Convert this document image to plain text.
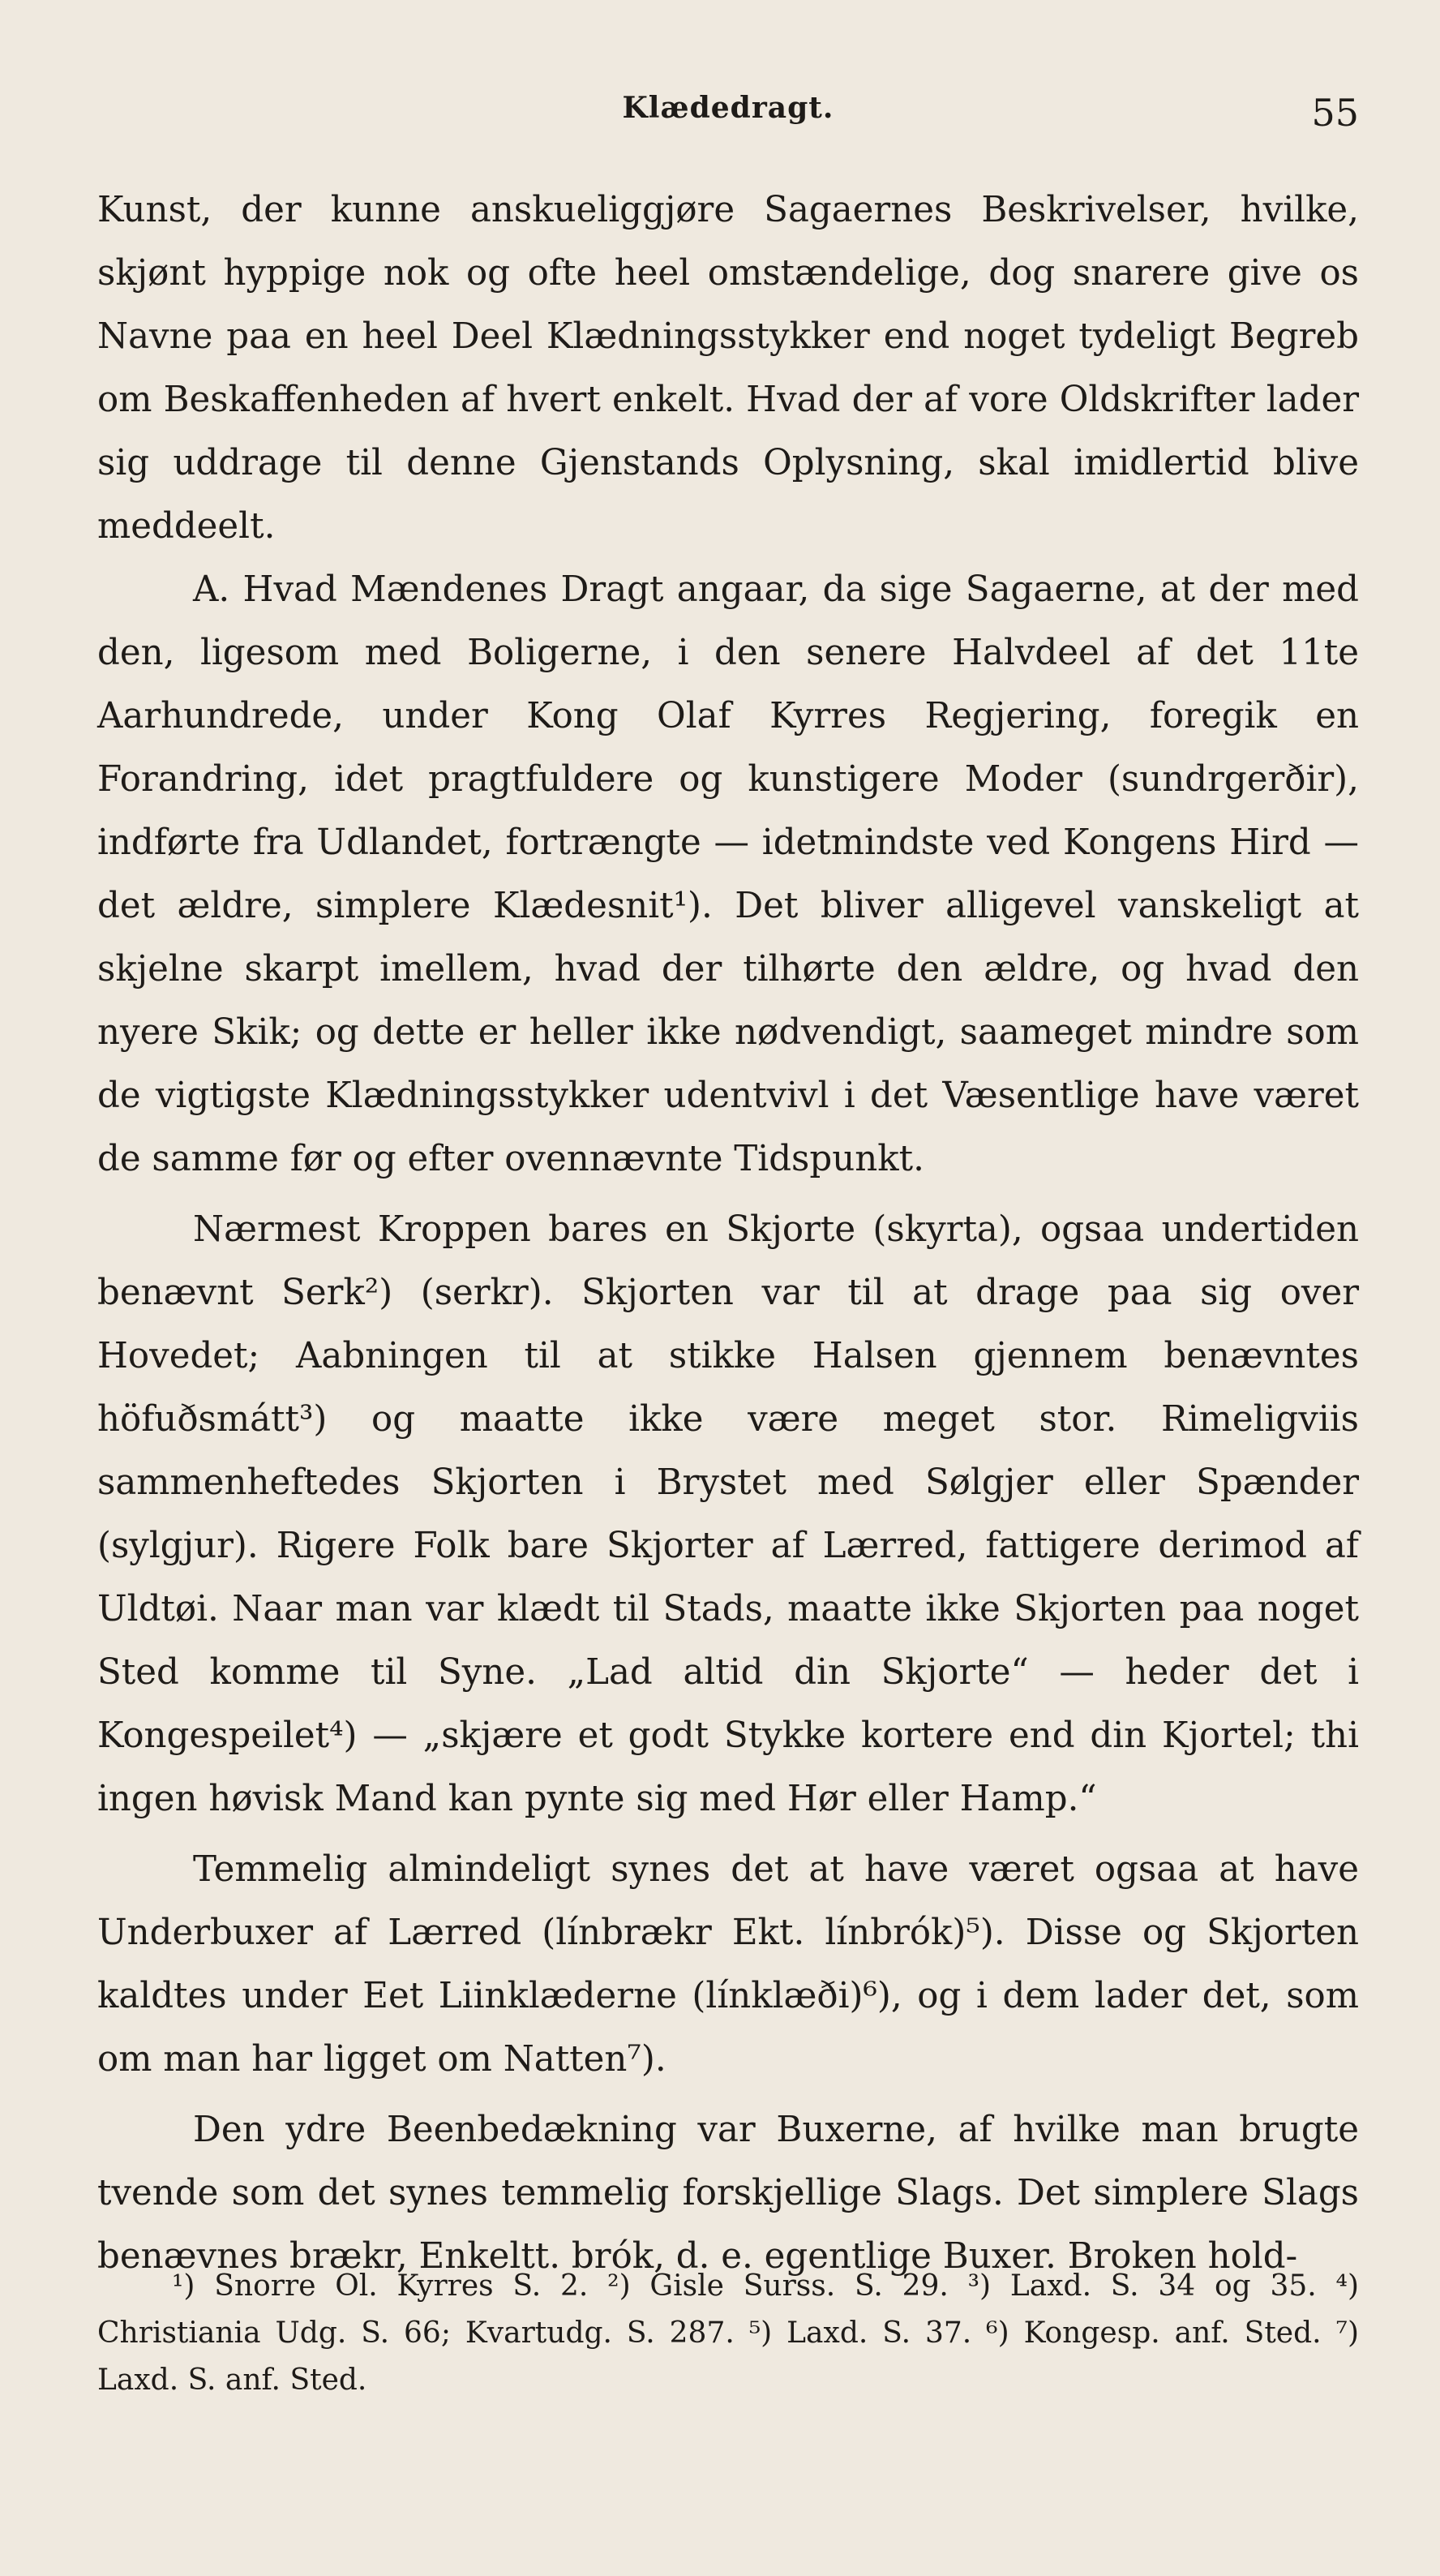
Klædedragt.	55

Kunst, der kunne anskueliggjøre Sagaernes Beskrivelser, hvilke, skjønt hyppige nok og ofte heel omstændelige, dog snarere give os Navne paa en heel Deel Klædningsstykker end noget tydeligt Begreb om Beskaffenheden af hvert enkelt. Hvad der af vore Oldskrifter lader sig uddrage til denne Gjenstands Oplysning, skal imidlertid blive meddeelt.

A. Hvad Mændenes Dragt angaar, da sige Sagaerne, at der med den, ligesom med Boligerne, i den senere Halvdeel af det 11te Aarhundrede, under Kong Olaf Kyrres Regjering, foregik en Forandring, idet pragtfuldere og kunstigere Moder (sundrgerðir), indførte fra Udlandet, fortrængte — idetmindste ved Kongens Hird — det ældre, simplere Klædesnit¹). Det bliver alligevel vanskeligt at skjelne skarpt imellem, hvad der tilhørte den ældre, og hvad den nyere Skik; og dette er heller ikke nødvendigt, saameget mindre som de vigtigste Klædningsstykker udentvivl i det Væsentlige have været de samme før og efter ovennævnte Tidspunkt.

Nærmest Kroppen bares en Skjorte (skyrta), ogsaa undertiden benævnt Serk²) (serkr). Skjorten var til at drage paa sig over Hovedet; Aabningen til at stikke Halsen gjennem benævntes höfuðsmátt³) og maatte ikke være meget stor. Rimeligviis sammenheftedes Skjorten i Brystet med Sølgjer eller Spænder (sylgjur). Rigere Folk bare Skjorter af Lærred, fattigere derimod af Uldtøi. Naar man var klædt til Stads, maatte ikke Skjorten paa noget Sted komme til Syne. „Lad altid din Skjorte“ — heder det i Kongespeilet⁴) — „skjære et godt Stykke kortere end din Kjortel; thi ingen høvisk Mand kan pynte sig med Hør eller Hamp.“

Temmelig almindeligt synes det at have været ogsaa at have Underbuxer af Lærred (línbrækr Ekt. línbrók)⁵). Disse og Skjorten kaldtes under Eet Liinklæderne (línklæði)⁶), og i dem lader det, som om man har ligget om Natten⁷).

Den ydre Beenbedækning var Buxerne, af hvilke man brugte tvende som det synes temmelig forskjellige Slags. Det simplere Slags benævnes brækr, Enkeltt. brók, d. e. egentlige Buxer. Broken hold-

¹) Snorre Ol. Kyrres S. 2. ²) Gisle Surss. S. 29. ³) Laxd. S. 34 og 35. ⁴) Christiania Udg. S. 66; Kvartudg. S. 287. ⁵) Laxd. S. 37. ⁶) Kongesp. anf. Sted. ⁷) Laxd. S. anf. Sted.
